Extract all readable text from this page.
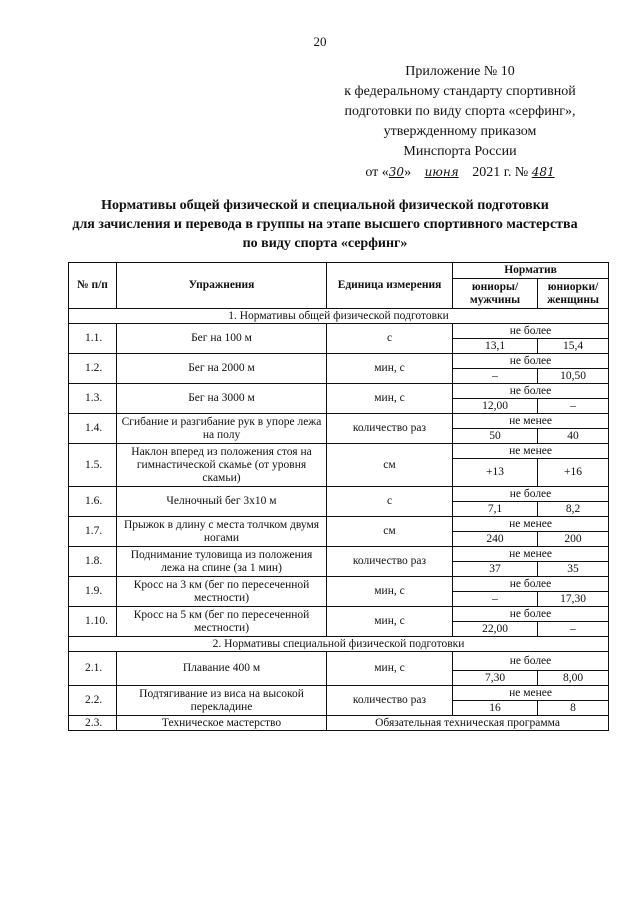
20
Приложение № 10
к федеральному стандарту спортивной
подготовки по виду спорта «серфинг»,
утвержденному приказом
Минспорта России
от «30» июня 2021 г. № 481
Нормативы общей физической и специальной физической подготовки
для зачисления и перевода в группы на этапе высшего спортивного мастерства
по виду спорта «серфинг»
№ п/п	Упражнения	Единица измерения	Норматив	
			юниоры/ мужчины	юниорки/ женщины
1. Нормативы общей физической подготовки				
1.1.	Бег на 100 м	с	не более	
			13,1	15,4
1.2.	Бег на 2000 м	мин, с	не более	
			–	10,50
1.3.	Бег на 3000 м	мин, с	не более	
			12,00	–
1.4.	Сгибание и разгибание рук в упоре лежа на полу	количество раз	не менее	
			50	40
1.5.	Наклон вперед из положения стоя на гимнастической скамье (от уровня скамьи)	см	не менее	
			+13	+16
1.6.	Челночный бег 3х10 м	с	не более	
			7,1	8,2
1.7.	Прыжок в длину с места толчком двумя ногами	см	не менее	
			240	200
1.8.	Поднимание туловища из положения лежа на спине (за 1 мин)	количество раз	не менее	
			37	35
1.9.	Кросс на 3 км (бег по пересеченной местности)	мин, с	не более	
			–	17,30
1.10.	Кросс на 5 км (бег по пересеченной местности)	мин, с	не более	
			22,00	–
2. Нормативы специальной физической подготовки				
2.1.	Плавание 400 м	мин, с	не более	
			7,30	8,00
2.2.	Подтягивание из виса на высокой перекладине	количество раз	не менее	
			16	8
2.3.	Техническое мастерство	Обязательная техническая программа		
